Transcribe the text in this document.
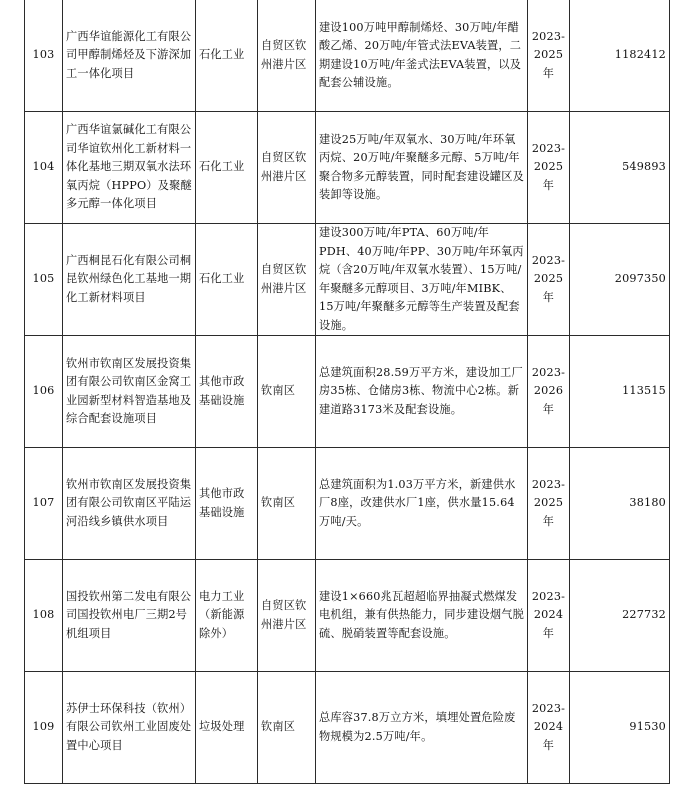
103	广西华谊能源化工有限公司甲醇制烯烃及下游深加工一体化项目	石化工业	自贸区钦州港片区	建设100万吨甲醇制烯烃、30万吨/年醋酸乙烯、20万吨/年管式法EVA装置，二期建设10万吨/年釜式法EVA装置，以及配套公辅设施。	2023-2025年	1182412
104	广西华谊氯碱化工有限公司华谊钦州化工新材料一体化基地三期双氧水法环氧丙烷（HPPO）及聚醚多元醇一体化项目	石化工业	自贸区钦州港片区	建设25万吨/年双氧水、30万吨/年环氧丙烷、20万吨/年聚醚多元醇、5万吨/年聚合物多元醇装置，同时配套建设罐区及装卸等设施。	2023-2025年	549893
105	广西桐昆石化有限公司桐昆钦州绿色化工基地一期化工新材料项目	石化工业	自贸区钦州港片区	建设300万吨/年PTA、60万吨/年PDH、40万吨/年PP、30万吨/年环氧丙烷（含20万吨/年双氧水装置）、15万吨/年聚醚多元醇项目、3万吨/年MIBK、15万吨/年聚醚多元醇等生产装置及配套设施。	2023-2025年	2097350
106	钦州市钦南区发展投资集团有限公司钦南区金窝工业园新型材料智造基地及综合配套设施项目	其他市政基础设施	钦南区	总建筑面积28.59万平方米，建设加工厂房35栋、仓储房3栋、物流中心2栋。新建道路3173米及配套设施。	2023-2026年	113515
107	钦州市钦南区发展投资集团有限公司钦南区平陆运河沿线乡镇供水项目	其他市政基础设施	钦南区	总建筑面积为1.03万平方米，新建供水厂8座，改建供水厂1座，供水量15.64万吨/天。	2023-2025年	38180
108	国投钦州第二发电有限公司国投钦州电厂三期2号机组项目	电力工业（新能源除外）	自贸区钦州港片区	建设1×660兆瓦超超临界抽凝式燃煤发电机组，兼有供热能力，同步建设烟气脱硫、脱硝装置等配套设施。	2023-2024年	227732
109	苏伊士环保科技（钦州）有限公司钦州工业固废处置中心项目	垃圾处理	钦南区	总库容37.8万立方米，填埋处置危险废物规模为2.5万吨/年。	2023-2024年	91530
